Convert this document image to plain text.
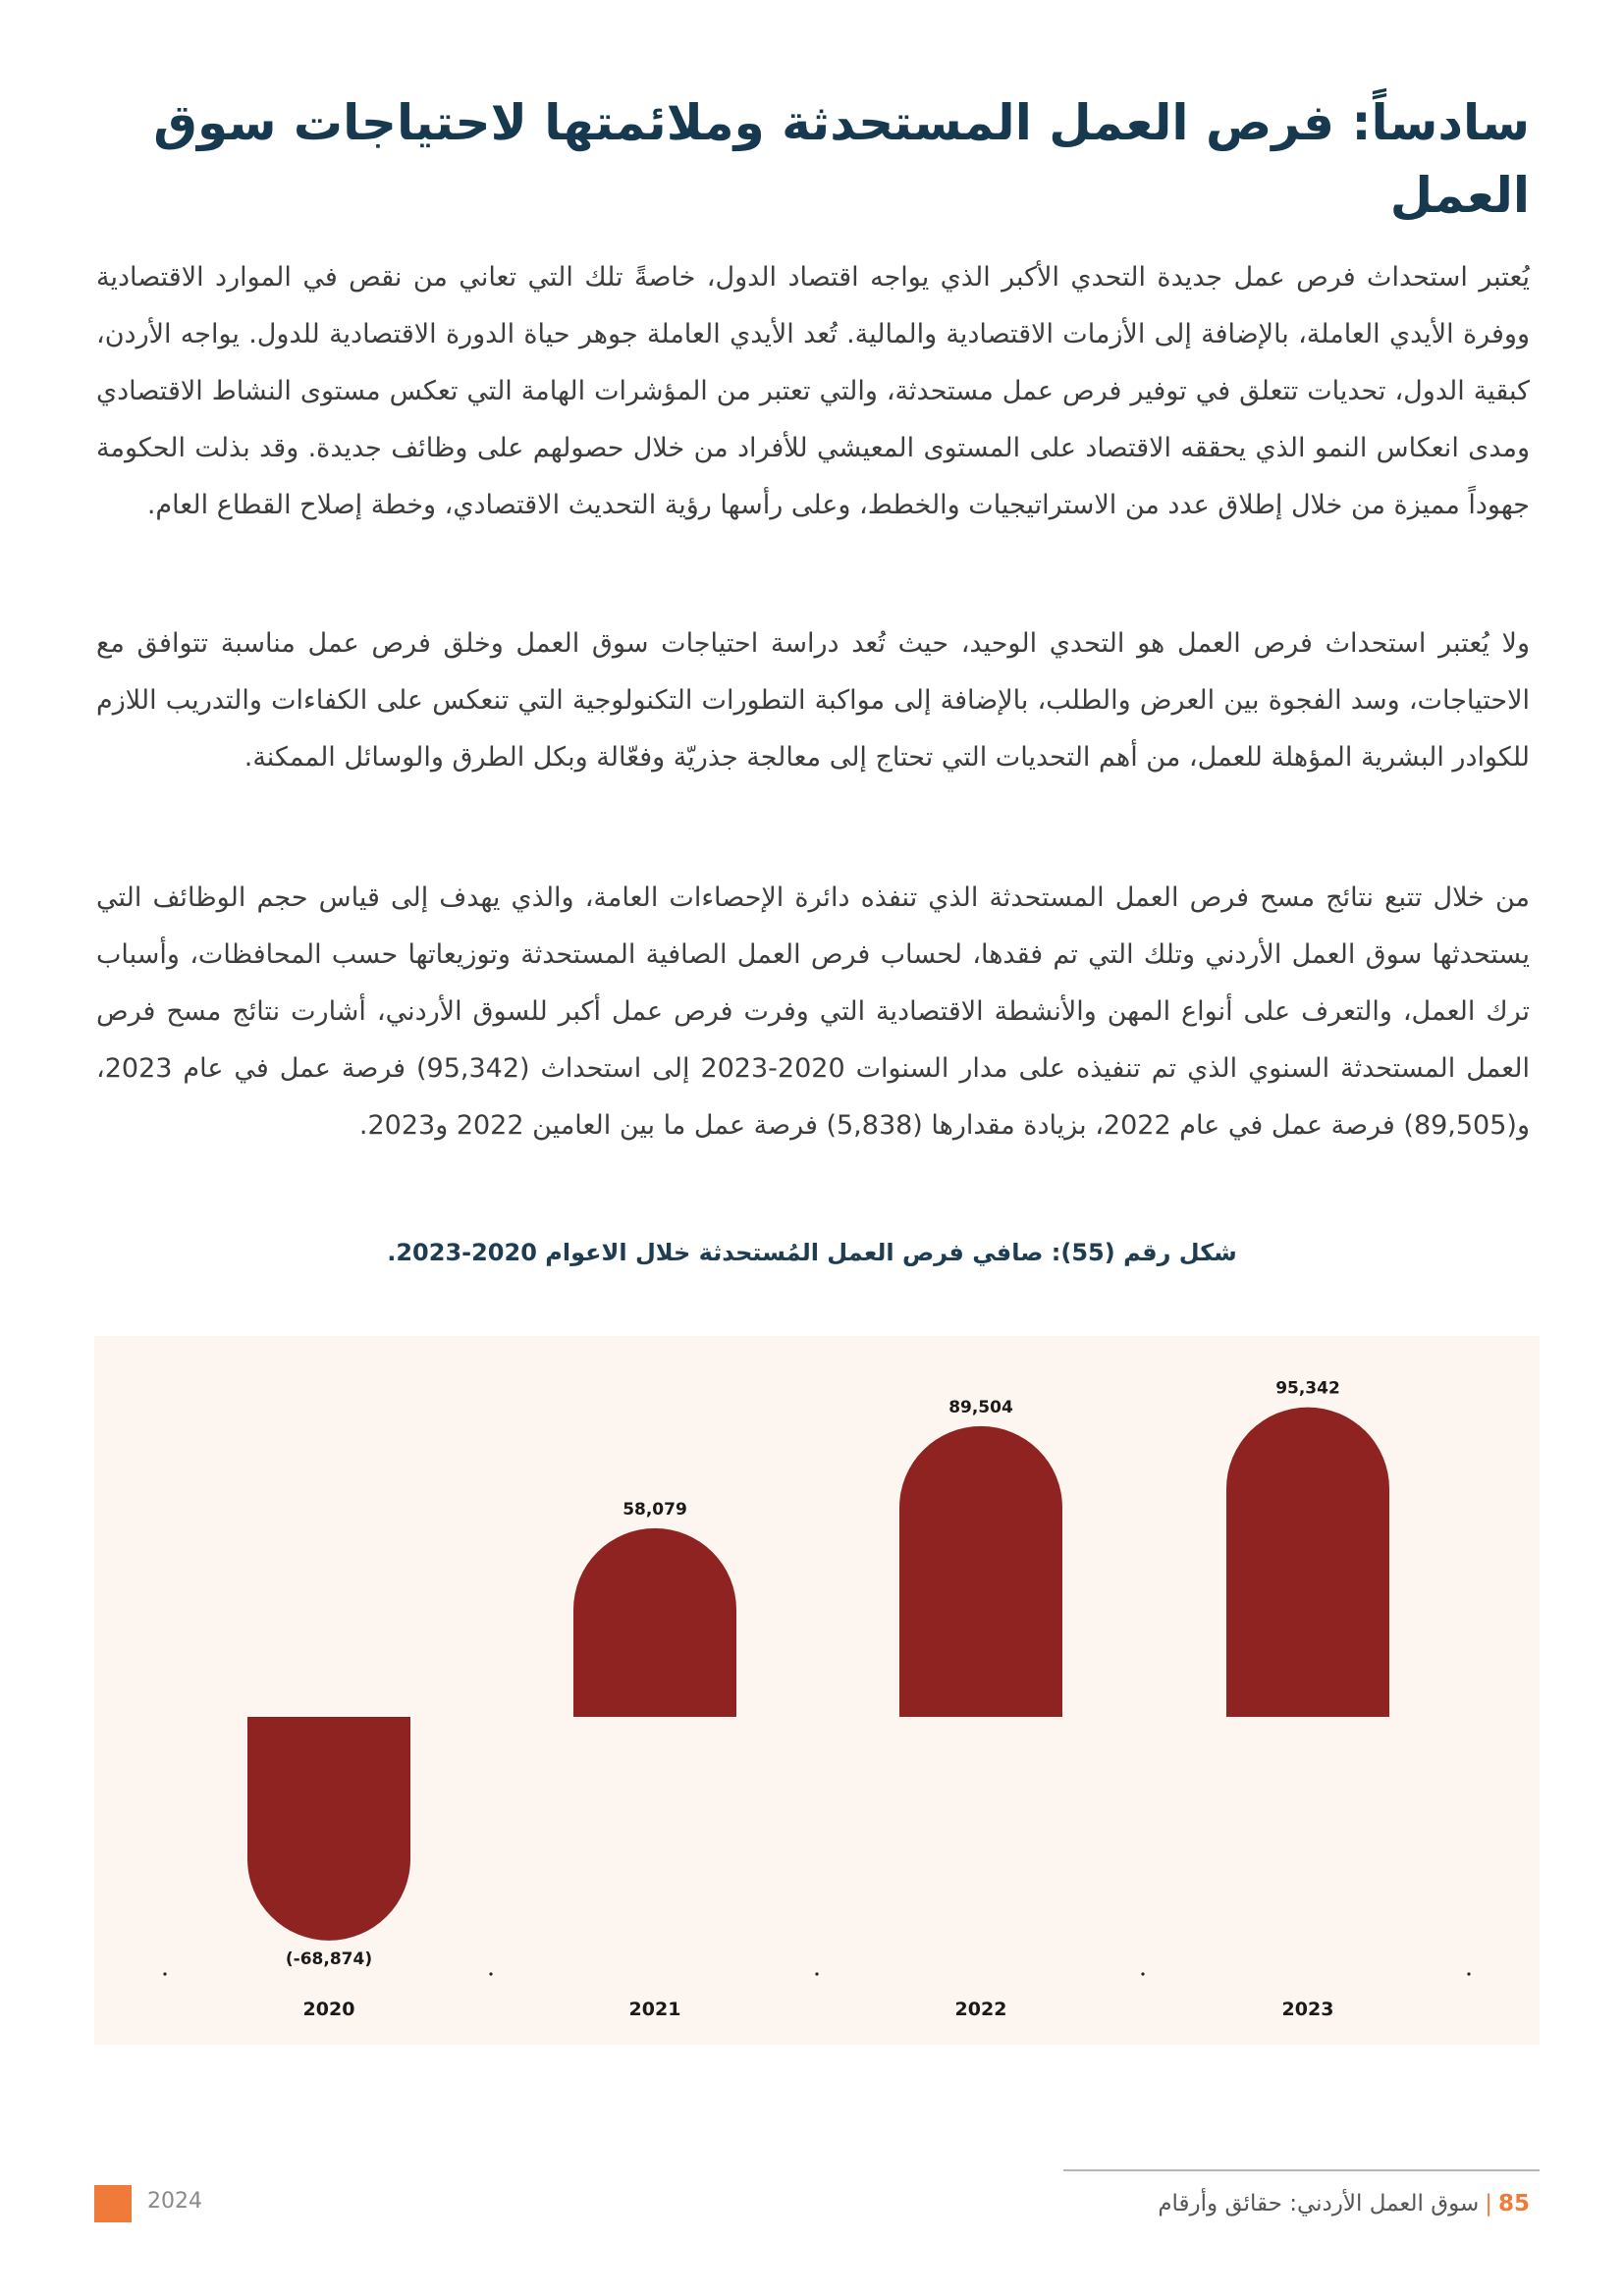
سادساً: فرص العمل المستحدثة وملائمتها لاحتياجات سوق العمل

يُعتبر استحداث فرص عمل جديدة التحدي الأكبر الذي يواجه اقتصاد الدول، خاصةً تلك التي تعاني من نقص في الموارد الاقتصادية ووفرة الأيدي العاملة، بالإضافة إلى الأزمات الاقتصادية والمالية. تُعد الأيدي العاملة جوهر حياة الدورة الاقتصادية للدول. يواجه الأردن، كبقية الدول، تحديات تتعلق في توفير فرص عمل مستحدثة، والتي تعتبر من المؤشرات الهامة التي تعكس مستوى النشاط الاقتصادي ومدى انعكاس النمو الذي يحققه الاقتصاد على المستوى المعيشي للأفراد من خلال حصولهم على وظائف جديدة. وقد بذلت الحكومة جهوداً مميزة من خلال إطلاق عدد من الاستراتيجيات والخطط، وعلى رأسها رؤية التحديث الاقتصادي، وخطة إصلاح القطاع العام.

ولا يُعتبر استحداث فرص العمل هو التحدي الوحيد، حيث تُعد دراسة احتياجات سوق العمل وخلق فرص عمل مناسبة تتوافق مع الاحتياجات، وسد الفجوة بين العرض والطلب، بالإضافة إلى مواكبة التطورات التكنولوجية التي تنعكس على الكفاءات والتدريب اللازم للكوادر البشرية المؤهلة للعمل، من أهم التحديات التي تحتاج إلى معالجة جذريّة وفعّالة وبكل الطرق والوسائل الممكنة.

من خلال تتبع نتائج مسح فرص العمل المستحدثة الذي تنفذه دائرة الإحصاءات العامة، والذي يهدف إلى قياس حجم الوظائف التي يستحدثها سوق العمل الأردني وتلك التي تم فقدها، لحساب فرص العمل الصافية المستحدثة وتوزيعاتها حسب المحافظات، وأسباب ترك العمل، والتعرف على أنواع المهن والأنشطة الاقتصادية التي وفرت فرص عمل أكبر للسوق الأردني، أشارت نتائج مسح فرص العمل المستحدثة السنوي الذي تم تنفيذه على مدار السنوات 2020-2023 إلى استحداث (95,342) فرصة عمل في عام 2023، و(89,505) فرصة عمل في عام 2022، بزيادة مقدارها (5,838) فرصة عمل ما بين العامين 2022 و2023.

شكل رقم (55): صافي فرص العمل المُستحدثة خلال الاعوام 2020-2023.
(-68,874)
2020
58,079
2021
89,504
2022
95,342
2023
2024	85
|
سوق العمل الأردني: حقائق وأرقام
